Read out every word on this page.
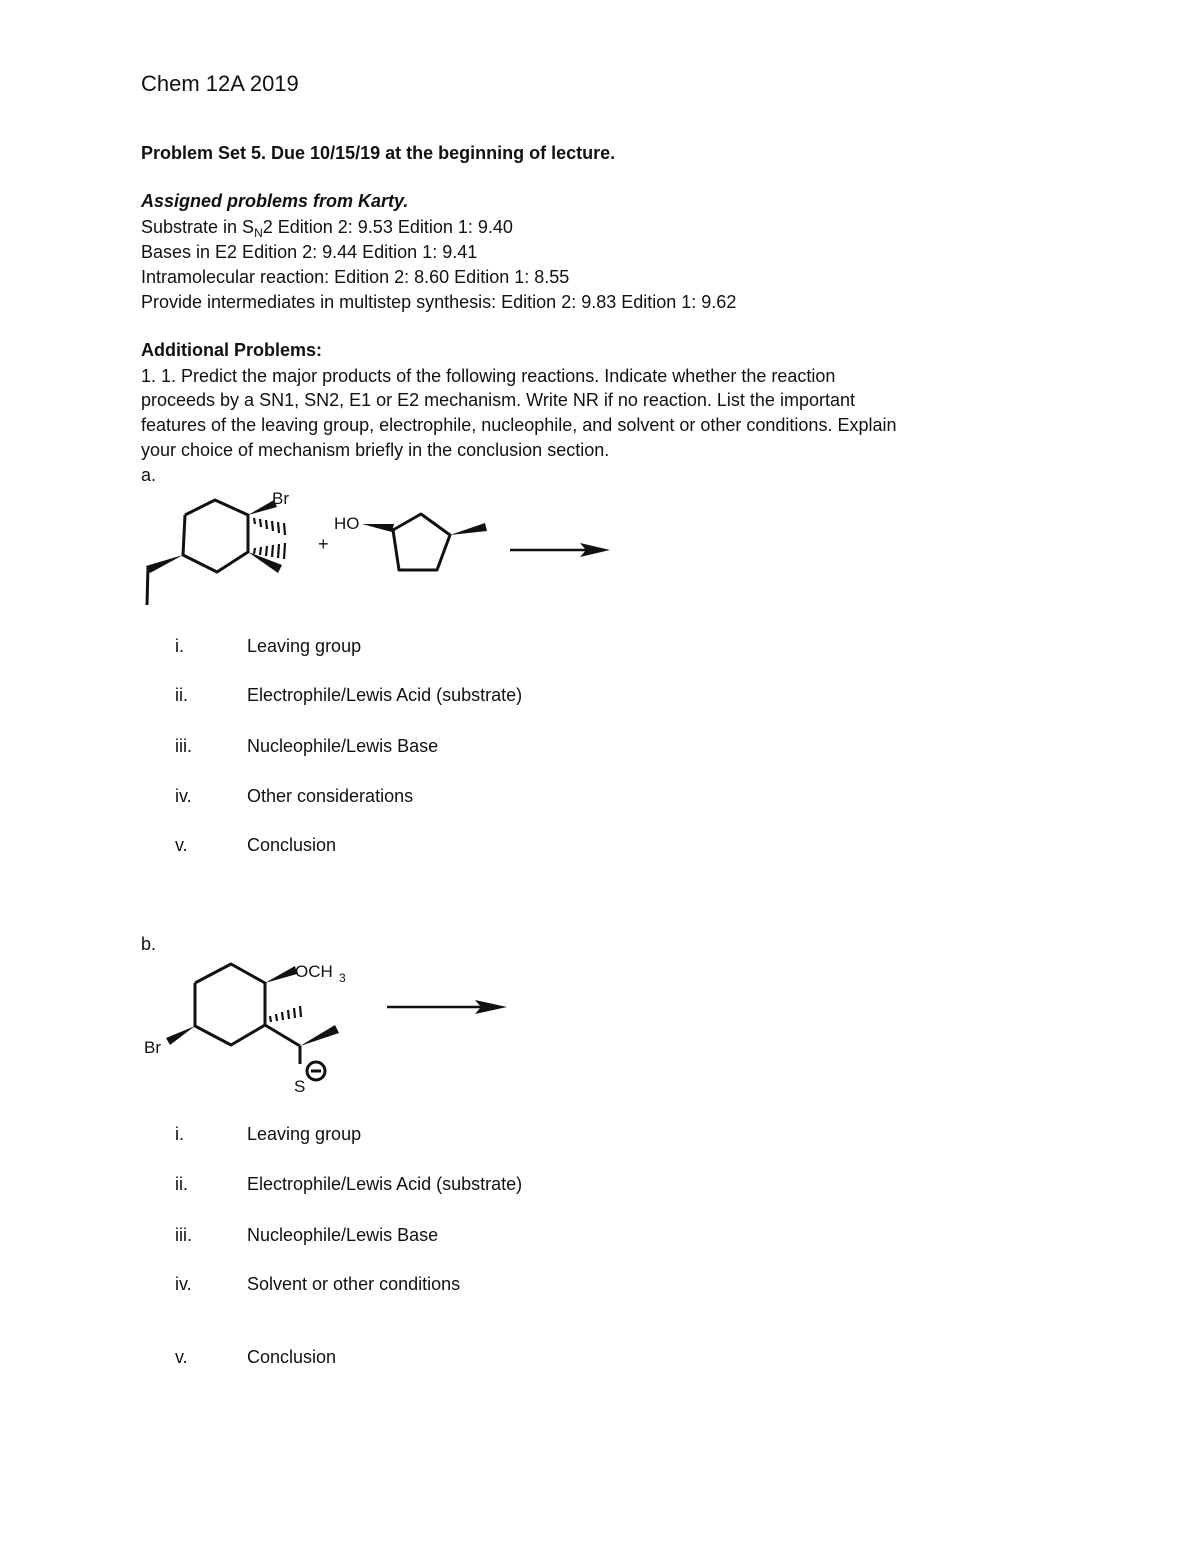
Chem 12A 2019
Problem Set 5. Due 10/15/19 at the beginning of lecture.
Assigned problems from Karty.
Substrate in $S_N2$ Edition 2: 9.53 Edition 1: 9.40
Bases in E2 Edition 2: 9.44 Edition 1: 9.41
Intramolecular reaction: Edition 2: 8.60 Edition 1: 8.55
Provide intermediates in multistep synthesis: Edition 2: 9.83 Edition 1: 9.62
Additional Problems:
1. 1. Predict the major products of the following reactions. Indicate whether the reaction
proceeds by a SN1, SN2, E1 or E2 mechanism. Write NR if no reaction. List the important
features of the leaving group, electrophile, nucleophile, and solvent or other conditions. Explain
your choice of mechanism briefly in the conclusion section.
a.
Br
+
HO
i.	Leaving group
ii.	Electrophile/Lewis Acid (substrate)
iii.	Nucleophile/Lewis Base
iv.	Other considerations
v.	Conclusion
b.
OCH 3
Br
S
i.	Leaving group
ii.	Electrophile/Lewis Acid (substrate)
iii.	Nucleophile/Lewis Base
iv.	Solvent or other conditions
v.	Conclusion
